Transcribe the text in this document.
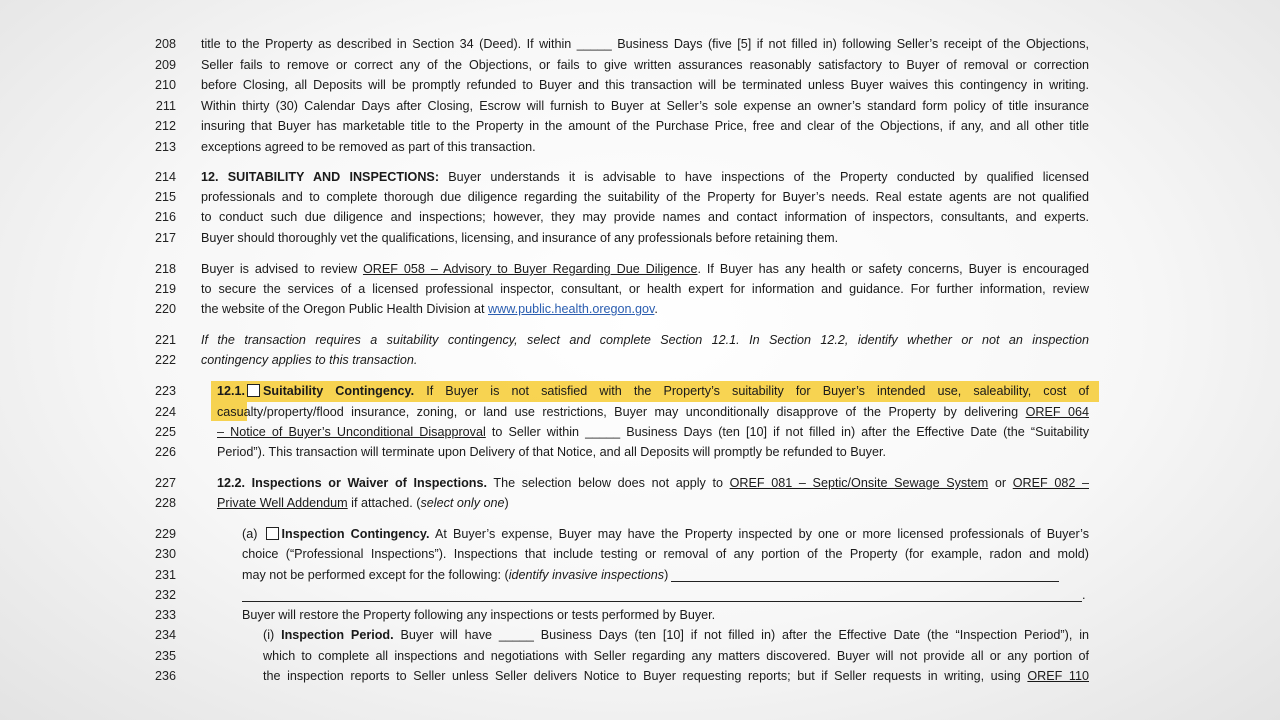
208 title to the Property as described in Section 34 (Deed). If within _____ Business Days (five [5] if not filled in) following Seller’s receipt of the Objections,
209 Seller fails to remove or correct any of the Objections, or fails to give written assurances reasonably satisfactory to Buyer of removal or correction
210 before Closing, all Deposits will be promptly refunded to Buyer and this transaction will be terminated unless Buyer waives this contingency in writing.
211 Within thirty (30) Calendar Days after Closing, Escrow will furnish to Buyer at Seller’s sole expense an owner’s standard form policy of title insurance
212 insuring that Buyer has marketable title to the Property in the amount of the Purchase Price, free and clear of the Objections, if any, and all other title
213 exceptions agreed to be removed as part of this transaction.
214 12. SUITABILITY AND INSPECTIONS: Buyer understands it is advisable to have inspections of the Property conducted by qualified licensed
215 professionals and to complete thorough due diligence regarding the suitability of the Property for Buyer’s needs. Real estate agents are not qualified
216 to conduct such due diligence and inspections; however, they may provide names and contact information of inspectors, consultants, and experts.
217 Buyer should thoroughly vet the qualifications, licensing, and insurance of any professionals before retaining them.
218 Buyer is advised to review OREF 058 – Advisory to Buyer Regarding Due Diligence. If Buyer has any health or safety concerns, Buyer is encouraged
219 to secure the services of a licensed professional inspector, consultant, or health expert for information and guidance. For further information, review
220 the website of the Oregon Public Health Division at www.public.health.oregon.gov.
221 If the transaction requires a suitability contingency, select and complete Section 12.1. In Section 12.2, identify whether or not an inspection
222 contingency applies to this transaction.
223	12.1. Suitability Contingency. If Buyer is not satisfied with the Property’s suitability for Buyer’s intended use, saleability, cost of
224	casualty/property/flood insurance, zoning, or land use restrictions, Buyer may unconditionally disapprove of the Property by delivering OREF 064
225	– Notice of Buyer’s Unconditional Disapproval to Seller within _____ Business Days (ten [10] if not filled in) after the Effective Date (the “Suitability
226	Period”). This transaction will terminate upon Delivery of that Notice, and all Deposits will promptly be refunded to Buyer.
227	12.2. Inspections or Waiver of Inspections. The selection below does not apply to OREF 081 – Septic/Onsite Sewage System or OREF 082 –
228	Private Well Addendum if attached. (select only one)
229	(a) Inspection Contingency. At Buyer’s expense, Buyer may have the Property inspected by one or more licensed professionals of Buyer’s
230	choice (“Professional Inspections”). Inspections that include testing or removal of any portion of the Property (for example, radon and mold)
231	may not be performed except for the following: (identify invasive inspections)
232	.
233	Buyer will restore the Property following any inspections or tests performed by Buyer.
234	(i) Inspection Period. Buyer will have _____ Business Days (ten [10] if not filled in) after the Effective Date (the “Inspection Period”), in
235	which to complete all inspections and negotiations with Seller regarding any matters discovered. Buyer will not provide all or any portion of
236	the inspection reports to Seller unless Seller delivers Notice to Buyer requesting reports; but if Seller requests in writing, using OREF 110
